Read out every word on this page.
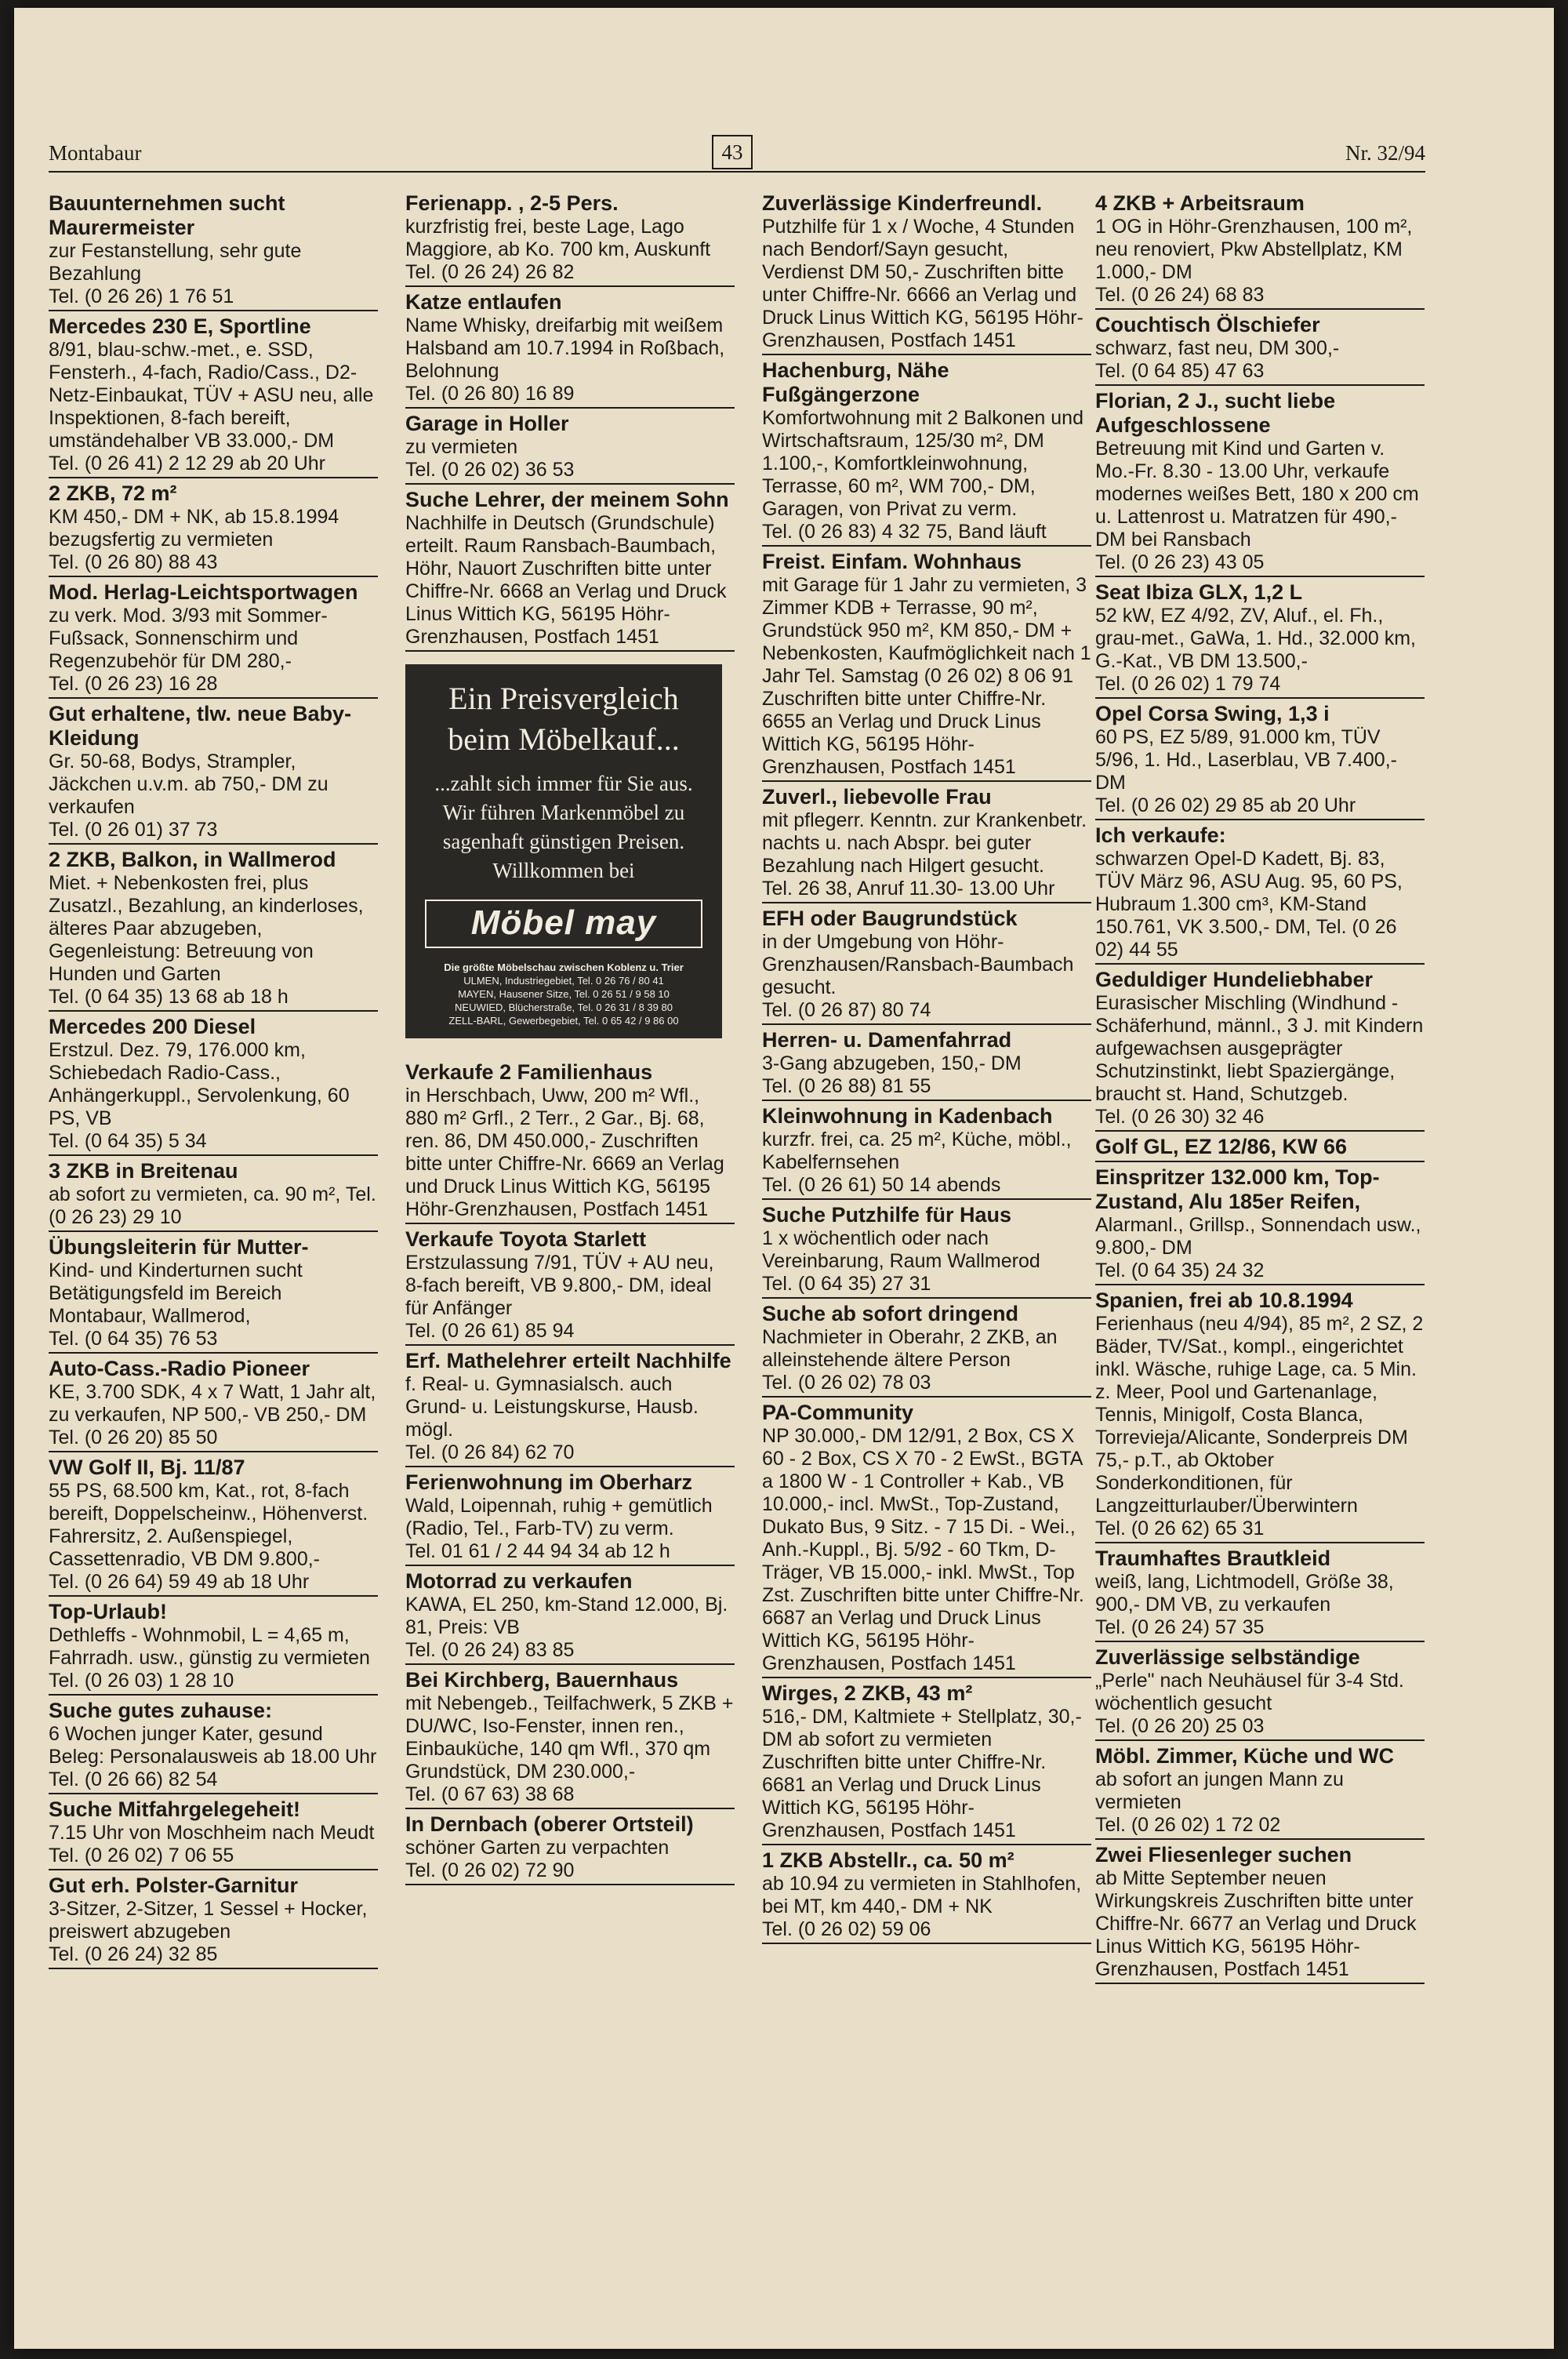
Montabaur	43	Nr. 32/94
Bauunternehmen sucht Maurermeister

zur Festanstellung, sehr gute Bezahlung

Tel. (0 26 26) 1 76 51
Mercedes 230 E, Sportline

8/91, blau-schw.-met., e. SSD, Fensterh., 4-fach, Radio/Cass., D2-Netz-Einbaukat, TÜV + ASU neu, alle Inspektionen, 8-fach bereift, umständehalber VB 33.000,- DM

Tel. (0 26 41) 2 12 29 ab 20 Uhr
2 ZKB, 72 m²

KM 450,- DM + NK, ab 15.8.1994 bezugsfertig zu vermieten

Tel. (0 26 80) 88 43
Mod. Herlag-Leichtsportwagen

zu verk. Mod. 3/93 mit Sommer-Fußsack, Sonnenschirm und Regenzubehör für DM 280,-

Tel. (0 26 23) 16 28
Gut erhaltene, tlw. neue Baby-Kleidung

Gr. 50-68, Bodys, Strampler, Jäckchen u.v.m. ab 750,- DM zu verkaufen

Tel. (0 26 01) 37 73
2 ZKB, Balkon, in Wallmerod

Miet. + Nebenkosten frei, plus Zusatzl., Bezahlung, an kinderloses, älteres Paar abzugeben, Gegenleistung: Betreuung von Hunden und Garten

Tel. (0 64 35) 13 68 ab 18 h
Mercedes 200 Diesel

Erstzul. Dez. 79, 176.000 km, Schiebedach Radio-Cass., Anhängerkuppl., Servolenkung, 60 PS, VB

Tel. (0 64 35) 5 34
3 ZKB in Breitenau

ab sofort zu vermieten, ca. 90 m², Tel. (0 26 23) 29 10

Übungsleiterin für Mutter-

Kind- und Kinderturnen sucht Betätigungsfeld im Bereich Montabaur, Wallmerod,

Tel. (0 64 35) 76 53
Auto-Cass.-Radio Pioneer

KE, 3.700 SDK, 4 x 7 Watt, 1 Jahr alt, zu verkaufen, NP 500,- VB 250,- DM

Tel. (0 26 20) 85 50
VW Golf II, Bj. 11/87

55 PS, 68.500 km, Kat., rot, 8-fach bereift, Doppelscheinw., Höhenverst. Fahrersitz, 2. Außenspiegel, Cassettenradio, VB DM 9.800,-

Tel. (0 26 64) 59 49 ab 18 Uhr
Top-Urlaub!

Dethleffs - Wohnmobil, L = 4,65 m, Fahrradh. usw., günstig zu vermieten

Tel. (0 26 03) 1 28 10
Suche gutes zuhause:

6 Wochen junger Kater, gesund Beleg: Personalausweis ab 18.00 Uhr

Tel. (0 26 66) 82 54
Suche Mitfahrgelegeheit!

7.15 Uhr von Moschheim nach Meudt

Tel. (0 26 02) 7 06 55
Gut erh. Polster-Garnitur

3-Sitzer, 2-Sitzer, 1 Sessel + Hocker, preiswert abzugeben

Tel. (0 26 24) 32 85
Ferienapp. , 2-5 Pers.

kurzfristig frei, beste Lage, Lago Maggiore, ab Ko. 700 km, Auskunft

Tel. (0 26 24) 26 82
Katze entlaufen

Name Whisky, dreifarbig mit weißem Halsband am 10.7.1994 in Roßbach, Belohnung

Tel. (0 26 80) 16 89
Garage in Holler

zu vermieten

Tel. (0 26 02) 36 53
Suche Lehrer, der meinem Sohn

Nachhilfe in Deutsch (Grundschule) erteilt. Raum Ransbach-Baumbach, Höhr, Nauort Zuschriften bitte unter Chiffre-Nr. 6668 an Verlag und Druck Linus Wittich KG, 56195 Höhr-Grenzhausen, Postfach 1451

Ein Preisvergleich beim Möbelkauf...

...zahlt sich immer für Sie aus. Wir führen Markenmöbel zu sagenhaft günstigen Preisen. Willkommen bei

Möbel may
Die größte Möbelschau zwischen Koblenz u. Trier
ULMEN, Industriegebiet, Tel. 0 26 76 / 80 41
MAYEN, Hausener Sitze, Tel. 0 26 51 / 9 58 10
NEUWIED, Blücherstraße, Tel. 0 26 31 / 8 39 80
ZELL-BARL, Gewerbegebiet, Tel. 0 65 42 / 9 86 00
Verkaufe 2 Familienhaus

in Herschbach, Uww, 200 m² Wfl., 880 m² Grfl., 2 Terr., 2 Gar., Bj. 68, ren. 86, DM 450.000,- Zuschriften bitte unter Chiffre-Nr. 6669 an Verlag und Druck Linus Wittich KG, 56195 Höhr-Grenzhausen, Postfach 1451

Verkaufe Toyota Starlett

Erstzulassung 7/91, TÜV + AU neu, 8-fach bereift, VB 9.800,- DM, ideal für Anfänger

Tel. (0 26 61) 85 94
Erf. Mathelehrer erteilt Nachhilfe

f. Real- u. Gymnasialsch. auch Grund- u. Leistungskurse, Hausb. mögl.

Tel. (0 26 84) 62 70
Ferienwohnung im Oberharz

Wald, Loipennah, ruhig + gemütlich (Radio, Tel., Farb-TV) zu verm.

Tel. 01 61 / 2 44 94 34 ab 12 h
Motorrad zu verkaufen

KAWA, EL 250, km-Stand 12.000, Bj. 81, Preis: VB

Tel. (0 26 24) 83 85
Bei Kirchberg, Bauernhaus

mit Nebengeb., Teilfachwerk, 5 ZKB + DU/WC, Iso-Fenster, innen ren., Einbauküche, 140 qm Wfl., 370 qm Grundstück, DM 230.000,-

Tel. (0 67 63) 38 68
In Dernbach (oberer Ortsteil)

schöner Garten zu verpachten

Tel. (0 26 02) 72 90
Zuverlässige Kinderfreundl.

Putzhilfe für 1 x / Woche, 4 Stunden nach Bendorf/Sayn gesucht, Verdienst DM 50,- Zuschriften bitte unter Chiffre-Nr. 6666 an Verlag und Druck Linus Wittich KG, 56195 Höhr-Grenzhausen, Postfach 1451

Hachenburg, Nähe Fußgängerzone

Komfortwohnung mit 2 Balkonen und Wirtschaftsraum, 125/30 m², DM 1.100,-, Komfortkleinwohnung, Terrasse, 60 m², WM 700,- DM, Garagen, von Privat zu verm.

Tel. (0 26 83) 4 32 75, Band läuft
Freist. Einfam. Wohnhaus

mit Garage für 1 Jahr zu vermieten, 3 Zimmer KDB + Terrasse, 90 m², Grundstück 950 m², KM 850,- DM + Nebenkosten, Kaufmöglichkeit nach 1 Jahr Tel. Samstag (0 26 02) 8 06 91 Zuschriften bitte unter Chiffre-Nr. 6655 an Verlag und Druck Linus Wittich KG, 56195 Höhr-Grenzhausen, Postfach 1451

Zuverl., liebevolle Frau

mit pflegerr. Kenntn. zur Krankenbetr. nachts u. nach Abspr. bei guter Bezahlung nach Hilgert gesucht.

Tel. 26 38, Anruf 11.30- 13.00 Uhr
EFH oder Baugrundstück

in der Umgebung von Höhr-Grenzhausen/Ransbach-Baumbach gesucht.

Tel. (0 26 87) 80 74
Herren- u. Damenfahrrad

3-Gang abzugeben, 150,- DM

Tel. (0 26 88) 81 55
Kleinwohnung in Kadenbach

kurzfr. frei, ca. 25 m², Küche, möbl., Kabelfernsehen

Tel. (0 26 61) 50 14 abends
Suche Putzhilfe für Haus

1 x wöchentlich oder nach Vereinbarung, Raum Wallmerod

Tel. (0 64 35) 27 31
Suche ab sofort dringend

Nachmieter in Oberahr, 2 ZKB, an alleinstehende ältere Person

Tel. (0 26 02) 78 03
PA-Community

NP 30.000,- DM 12/91, 2 Box, CS X 60 - 2 Box, CS X 70 - 2 EwSt., BGTA a 1800 W - 1 Controller + Kab., VB 10.000,- incl. MwSt., Top-Zustand, Dukato Bus, 9 Sitz. - 7 15 Di. - Wei., Anh.-Kuppl., Bj. 5/92 - 60 Tkm, D-Träger, VB 15.000,- inkl. MwSt., Top Zst. Zuschriften bitte unter Chiffre-Nr. 6687 an Verlag und Druck Linus Wittich KG, 56195 Höhr-Grenzhausen, Postfach 1451

Wirges, 2 ZKB, 43 m²

516,- DM, Kaltmiete + Stellplatz, 30,- DM ab sofort zu vermieten Zuschriften bitte unter Chiffre-Nr. 6681 an Verlag und Druck Linus Wittich KG, 56195 Höhr-Grenzhausen, Postfach 1451

1 ZKB Abstellr., ca. 50 m²

ab 10.94 zu vermieten in Stahlhofen, bei MT, km 440,- DM + NK

Tel. (0 26 02) 59 06
4 ZKB + Arbeitsraum

1 OG in Höhr-Grenzhausen, 100 m², neu renoviert, Pkw Abstellplatz, KM 1.000,- DM

Tel. (0 26 24) 68 83
Couchtisch Ölschiefer

schwarz, fast neu, DM 300,-

Tel. (0 64 85) 47 63
Florian, 2 J., sucht liebe Aufgeschlossene

Betreuung mit Kind und Garten v. Mo.-Fr. 8.30 - 13.00 Uhr, verkaufe modernes weißes Bett, 180 x 200 cm u. Lattenrost u. Matratzen für 490,- DM bei Ransbach

Tel. (0 26 23) 43 05
Seat Ibiza GLX, 1,2 L

52 kW, EZ 4/92, ZV, Aluf., el. Fh., grau-met., GaWa, 1. Hd., 32.000 km, G.-Kat., VB DM 13.500,-

Tel. (0 26 02) 1 79 74
Opel Corsa Swing, 1,3 i

60 PS, EZ 5/89, 91.000 km, TÜV 5/96, 1. Hd., Laserblau, VB 7.400,- DM

Tel. (0 26 02) 29 85 ab 20 Uhr
Ich verkaufe:

schwarzen Opel-D Kadett, Bj. 83, TÜV März 96, ASU Aug. 95, 60 PS, Hubraum 1.300 cm³, KM-Stand 150.761, VK 3.500,- DM, Tel. (0 26 02) 44 55

Geduldiger Hundeliebhaber

Eurasischer Mischling (Windhund - Schäferhund, männl., 3 J. mit Kindern aufgewachsen ausgeprägter Schutzinstinkt, liebt Spaziergänge, braucht st. Hand, Schutzgeb.

Tel. (0 26 30) 32 46
Golf GL, EZ 12/86, KW 66
Einspritzer 132.000 km, Top-Zustand, Alu 185er Reifen,

Alarmanl., Grillsp., Sonnendach usw., 9.800,- DM

Tel. (0 64 35) 24 32
Spanien, frei ab 10.8.1994

Ferienhaus (neu 4/94), 85 m², 2 SZ, 2 Bäder, TV/Sat., kompl., eingerichtet inkl. Wäsche, ruhige Lage, ca. 5 Min. z. Meer, Pool und Gartenanlage, Tennis, Minigolf, Costa Blanca, Torrevieja/Alicante, Sonderpreis DM 75,- p.T., ab Oktober Sonderkonditionen, für Langzeitturlauber/Überwintern

Tel. (0 26 62) 65 31
Traumhaftes Brautkleid

weiß, lang, Lichtmodell, Größe 38, 900,- DM VB, zu verkaufen

Tel. (0 26 24) 57 35
Zuverlässige selbständige

„Perle" nach Neuhäusel für 3-4 Std. wöchentlich gesucht

Tel. (0 26 20) 25 03
Möbl. Zimmer, Küche und WC

ab sofort an jungen Mann zu vermieten

Tel. (0 26 02) 1 72 02
Zwei Fliesenleger suchen

ab Mitte September neuen Wirkungskreis Zuschriften bitte unter Chiffre-Nr. 6677 an Verlag und Druck Linus Wittich KG, 56195 Höhr-Grenzhausen, Postfach 1451
